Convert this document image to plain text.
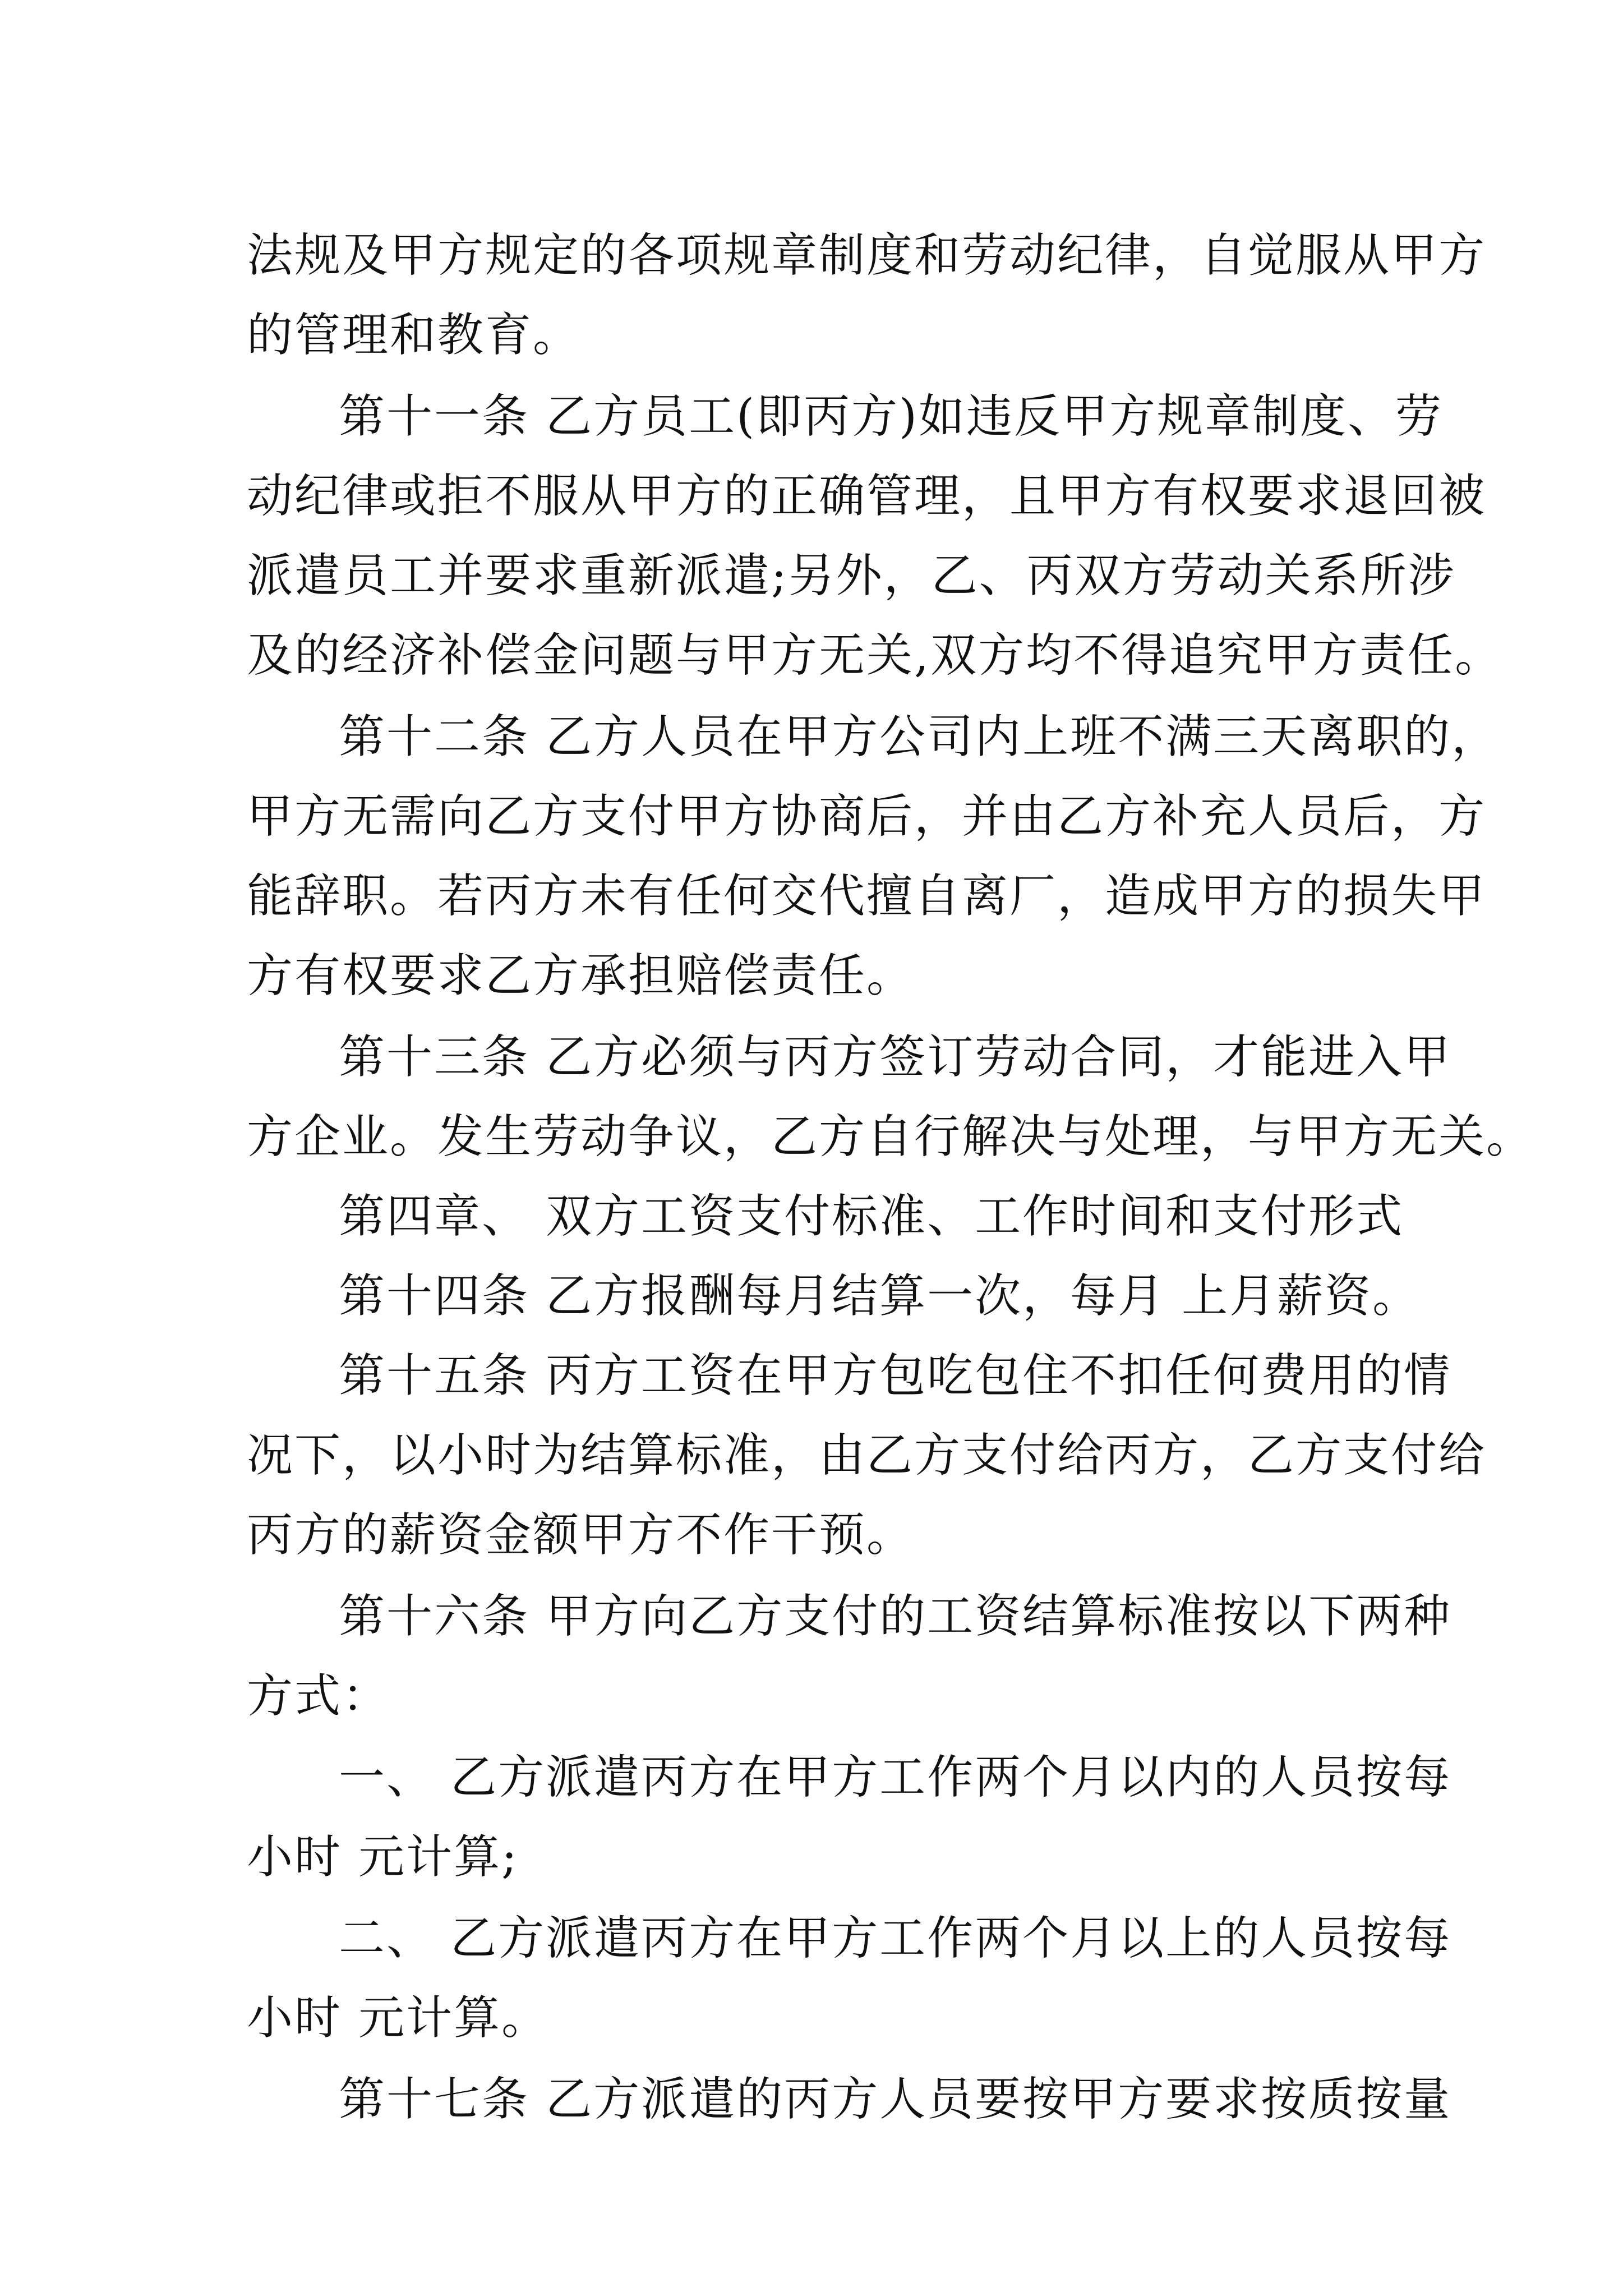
法规及甲方规定的各项规章制度和劳动纪律，自觉服从甲方
的管理和教育。
第十一条 乙方员工(即丙方)如违反甲方规章制度、劳
动纪律或拒不服从甲方的正确管理，且甲方有权要求退回被
派遣员工并要求重新派遣;另外，乙、丙双方劳动关系所涉
及的经济补偿金问题与甲方无关,双方均不得追究甲方责任。
第十二条 乙方人员在甲方公司内上班不满三天离职的，
甲方无需向乙方支付甲方协商后，并由乙方补充人员后，方
能辞职。若丙方未有任何交代擅自离厂，造成甲方的损失甲
方有权要求乙方承担赔偿责任。
第十三条 乙方必须与丙方签订劳动合同，才能进入甲
方企业。发生劳动争议，乙方自行解决与处理，与甲方无关。
第四章、 双方工资支付标准、工作时间和支付形式
第十四条 乙方报酬每月结算一次，每月 上月薪资。
第十五条 丙方工资在甲方包吃包住不扣任何费用的情
况下，以小时为结算标准，由乙方支付给丙方，乙方支付给
丙方的薪资金额甲方不作干预。
第十六条 甲方向乙方支付的工资结算标准按以下两种
方式：
一、 乙方派遣丙方在甲方工作两个月以内的人员按每
小时 元计算;
二、 乙方派遣丙方在甲方工作两个月以上的人员按每
小时 元计算。
第十七条 乙方派遣的丙方人员要按甲方要求按质按量
